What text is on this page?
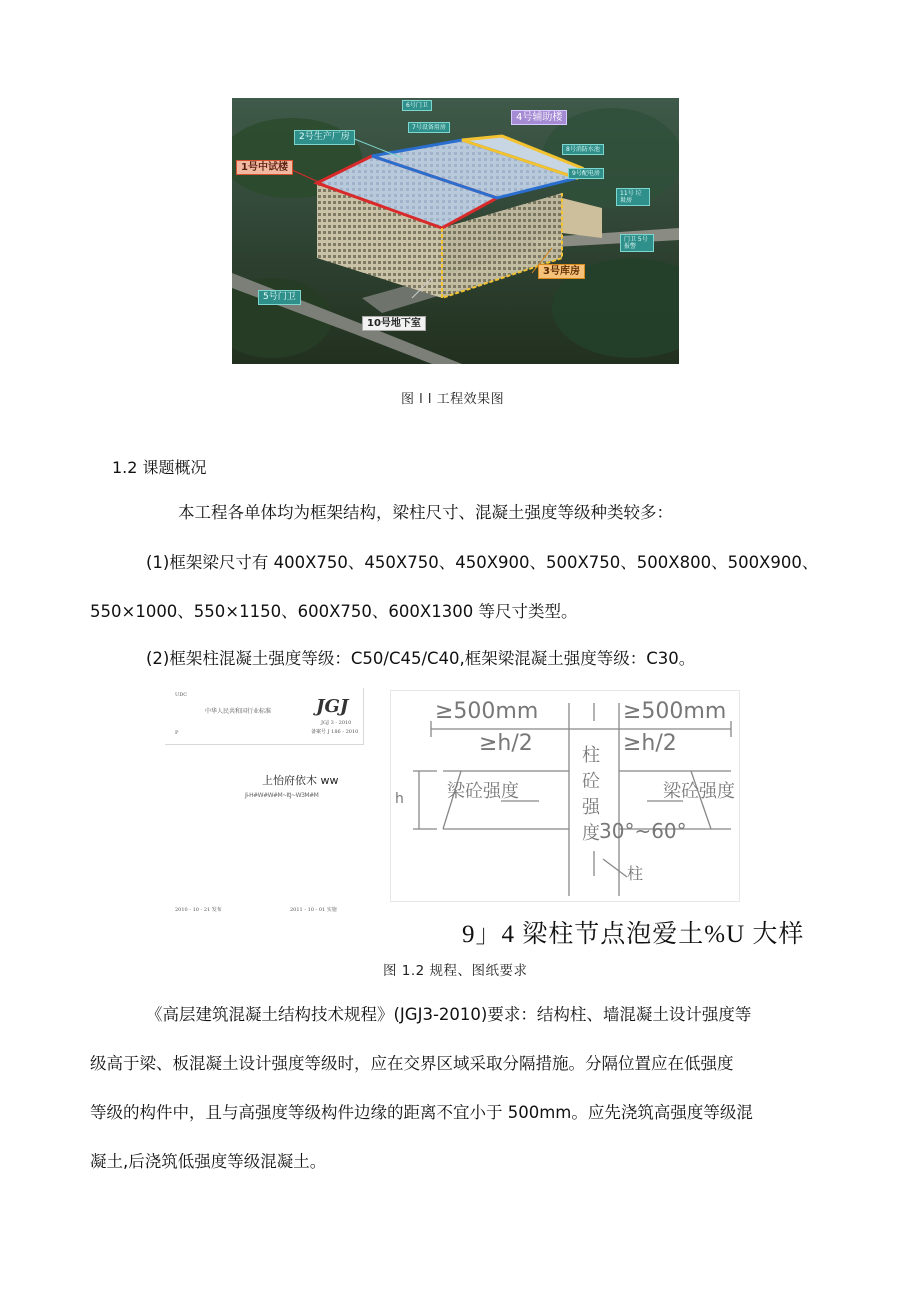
2号生产厂房
1号中试楼
4号辅助楼
3号库房
10号地下室
5号门卫
6号门卫
7号设备用房
8号消防水池
9号配电房
门卫 5号 报警
11号 垃圾房
图 l l 工程效果图
1.2 课题概况
本工程各单体均为框架结构，梁柱尺寸、混凝土强度等级种类较多：
(1)框架梁尺寸有 400X750、450X750、450X900、500X750、500X800、500X900、
550×1000、550×1150、600X750、600X1300 等尺寸类型。
(2)框架柱混凝土强度等级：C50/C45/C40,框架梁混凝土强度等级：C30。
UDC
中华人民共和国行业标准 JGJ
JGJ 3 - 2010
备案号 J 186 - 2010
P
上怡府依木 ww
Ji-H#W#W#M~ItJ~W3M#M
2010 - 10 - 21 发布	2011 - 10 - 01 实施
≥500mm	≥500mm
≥h/2	≥h/2
梁砼强度	梁砼强度
柱
砼
强
度 30°~60°
h
柱
9」4 梁柱节点泡爱土%U 大样
图 1.2 规程、图纸要求
《高层建筑混凝土结构技术规程》(JGJ3-2010)要求：结构柱、墙混凝土设计强度等
级高于梁、板混凝土设计强度等级时，应在交界区域采取分隔措施。分隔位置应在低强度
等级的构件中，且与高强度等级构件边缘的距离不宜小于 500mm。应先浇筑高强度等级混
凝土,后浇筑低强度等级混凝土。
